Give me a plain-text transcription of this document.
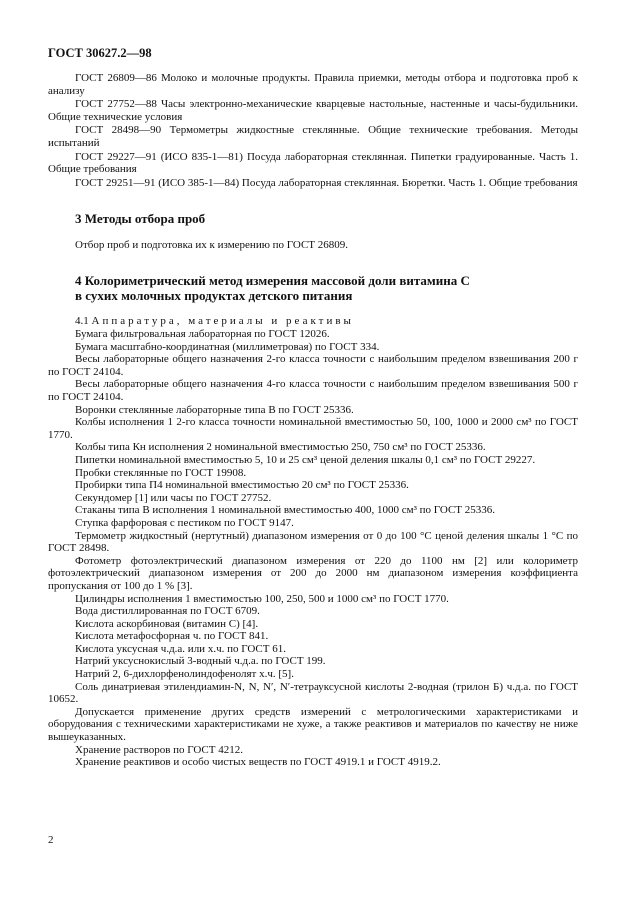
ГОСТ 30627.2—98

ГОСТ 26809—86 Молоко и молочные продукты. Правила приемки, методы отбора и подготовка проб к анализу

ГОСТ 27752—88 Часы электронно-механические кварцевые настольные, настенные и часы-будильники. Общие технические условия

ГОСТ 28498—90 Термометры жидкостные стеклянные. Общие технические требования. Методы испытаний

ГОСТ 29227—91 (ИСО 835-1—81) Посуда лабораторная стеклянная. Пипетки градуированные. Часть 1. Общие требования

ГОСТ 29251—91 (ИСО 385-1—84) Посуда лабораторная стеклянная. Бюретки. Часть 1. Общие требования

3 Методы отбора проб

Отбор проб и подготовка их к измерению по ГОСТ 26809.

4 Колориметрический метод измерения массовой доли витамина С
в сухих молочных продуктах детского питания

4.1 Аппаратура, материалы и реактивы

Бумага фильтровальная лабораторная по ГОСТ 12026.

Бумага масштабно-координатная (миллиметровая) по ГОСТ 334.

Весы лабораторные общего назначения 2-го класса точности с наибольшим пределом взвешивания 200 г по ГОСТ 24104.

Весы лабораторные общего назначения 4-го класса точности с наибольшим пределом взвешивания 500 г по ГОСТ 24104.

Воронки стеклянные лабораторные типа В по ГОСТ 25336.

Колбы исполнения 1 2-го класса точности номинальной вместимостью 50, 100, 1000 и 2000 см³ по ГОСТ 1770.

Колбы типа Кн исполнения 2 номинальной вместимостью 250, 750 см³ по ГОСТ 25336.

Пипетки номинальной вместимостью 5, 10 и 25 см³ ценой деления шкалы 0,1 см³ по ГОСТ 29227.

Пробки стеклянные по ГОСТ 19908.

Пробирки типа П4 номинальной вместимостью 20 см³ по ГОСТ 25336.

Секундомер [1] или часы по ГОСТ 27752.

Стаканы типа В исполнения 1 номинальной вместимостью 400, 1000 см³ по ГОСТ 25336.

Ступка фарфоровая с пестиком по ГОСТ 9147.

Термометр жидкостный (нертутный) диапазоном измерения от 0 до 100 °С ценой деления шкалы 1 °С по ГОСТ 28498.

Фотометр фотоэлектрический диапазоном измерения от 220 до 1100 нм [2] или колориметр фотоэлектрический диапазоном измерения от 200 до 2000 нм диапазоном измерения коэффициента пропускания от 100 до 1 % [3].

Цилиндры исполнения 1 вместимостью 100, 250, 500 и 1000 см³ по ГОСТ 1770.

Вода дистиллированная по ГОСТ 6709.

Кислота аскорбиновая (витамин С) [4].

Кислота метафосфорная ч. по ГОСТ 841.

Кислота уксусная ч.д.а. или х.ч. по ГОСТ 61.

Натрий уксуснокислый 3-водный ч.д.а. по ГОСТ 199.

Натрий 2, 6-дихлорфенолиндофенолят х.ч. [5].

Соль динатриевая этилендиамин-N, N, N′, N′-тетрауксусной кислоты 2-водная (трилон Б) ч.д.а. по ГОСТ 10652.

Допускается применение других средств измерений с метрологическими характеристиками и оборудования с техническими характеристиками не хуже, а также реактивов и материалов по качеству не ниже вышеуказанных.

Хранение растворов по ГОСТ 4212.

Хранение реактивов и особо чистых веществ по ГОСТ 4919.1 и ГОСТ 4919.2.

2
